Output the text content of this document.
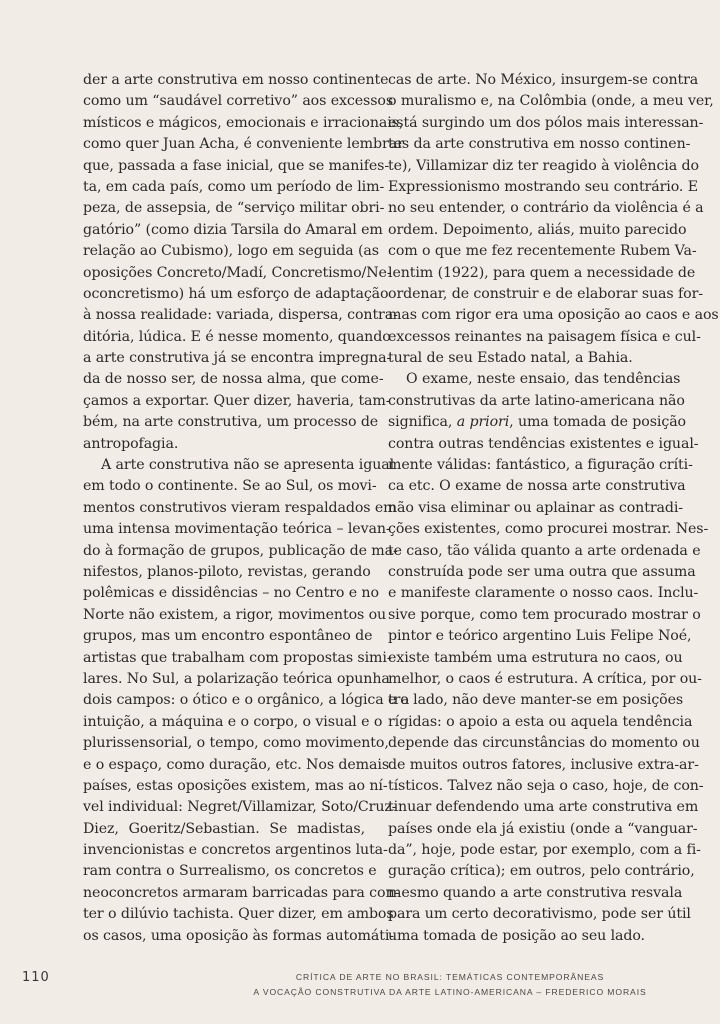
der a arte construtiva em nosso continente
como um “saudável corretivo” aos excessos
místicos e mágicos, emocionais e irracionais,
como quer Juan Acha, é conveniente lembrar
que, passada a fase inicial, que se manifes-
ta, em cada país, como um período de lim-
peza, de assepsia, de “serviço militar obri-
gatório” (como dizia Tarsila do Amaral em
relação ao Cubismo), logo em seguida (as
oposições Concreto/Madí, Concretismo/Ne-
oconcretismo) há um esforço de adaptação
à nossa realidade: variada, dispersa, contra-
ditória, lúdica. E é nesse momento, quando
a arte construtiva já se encontra impregna-
da de nosso ser, de nossa alma, que come-
çamos a exportar. Quer dizer, haveria, tam-
bém, na arte construtiva, um processo de
antropofagia.
A arte construtiva não se apresenta igual
em todo o continente. Se ao Sul, os movi-
mentos construtivos vieram respaldados em
uma intensa movimentação teórica – levan-
do à formação de grupos, publicação de ma-
nifestos, planos-piloto, revistas, gerando
polêmicas e dissidências – no Centro e no
Norte não existem, a rigor, movimentos ou
grupos, mas um encontro espontâneo de
artistas que trabalham com propostas simi-
lares. No Sul, a polarização teórica opunha
dois campos: o ótico e o orgânico, a lógica e a
intuição, a máquina e o corpo, o visual e o
plurissensorial, o tempo, como movimento,
e o espaço, como duração, etc. Nos demais
países, estas oposições existem, mas ao ní-
vel individual: Negret/Villamizar, Soto/Cruz-
Diez, Goeritz/Sebastian. Se madistas,
invencionistas e concretos argentinos luta-
ram contra o Surrealismo, os concretos e
neoconcretos armaram barricadas para con-
ter o dilúvio tachista. Quer dizer, em ambos
os casos, uma oposição às formas automáti-
cas de arte. No México, insurgem-se contra
o muralismo e, na Colômbia (onde, a meu ver,
está surgindo um dos pólos mais interessan-
tes da arte construtiva em nosso continen-
te), Villamizar diz ter reagido à violência do
Expressionismo mostrando seu contrário. E
no seu entender, o contrário da violência é a
ordem. Depoimento, aliás, muito parecido
com o que me fez recentemente Rubem Va-
lentim (1922), para quem a necessidade de
ordenar, de construir e de elaborar suas for-
mas com rigor era uma oposição ao caos e aos
excessos reinantes na paisagem física e cul-
tural de seu Estado natal, a Bahia.
O exame, neste ensaio, das tendências
construtivas da arte latino-americana não
significa, a priori, uma tomada de posição
contra outras tendências existentes e igual-
mente válidas: fantástico, a figuração críti-
ca etc. O exame de nossa arte construtiva
não visa eliminar ou aplainar as contradi-
ções existentes, como procurei mostrar. Nes-
te caso, tão válida quanto a arte ordenada e
construída pode ser uma outra que assuma
e manifeste claramente o nosso caos. Inclu-
sive porque, como tem procurado mostrar o
pintor e teórico argentino Luis Felipe Noé,
existe também uma estrutura no caos, ou
melhor, o caos é estrutura. A crítica, por ou-
tro lado, não deve manter-se em posições
rígidas: o apoio a esta ou aquela tendência
depende das circunstâncias do momento ou
de muitos outros fatores, inclusive extra-ar-
tísticos. Talvez não seja o caso, hoje, de con-
tinuar defendendo uma arte construtiva em
países onde ela já existiu (onde a “vanguar-
da”, hoje, pode estar, por exemplo, com a fi-
guração crítica); em outros, pelo contrário,
mesmo quando a arte construtiva resvala
para um certo decorativismo, pode ser útil
uma tomada de posição ao seu lado.
110	CRÍTICA DE ARTE NO BRASIL: TEMÁTICAS CONTEMPORÂNEAS
A VOCAÇÃO CONSTRUTIVA DA ARTE LATINO-AMERICANA – FREDERICO MORAIS
